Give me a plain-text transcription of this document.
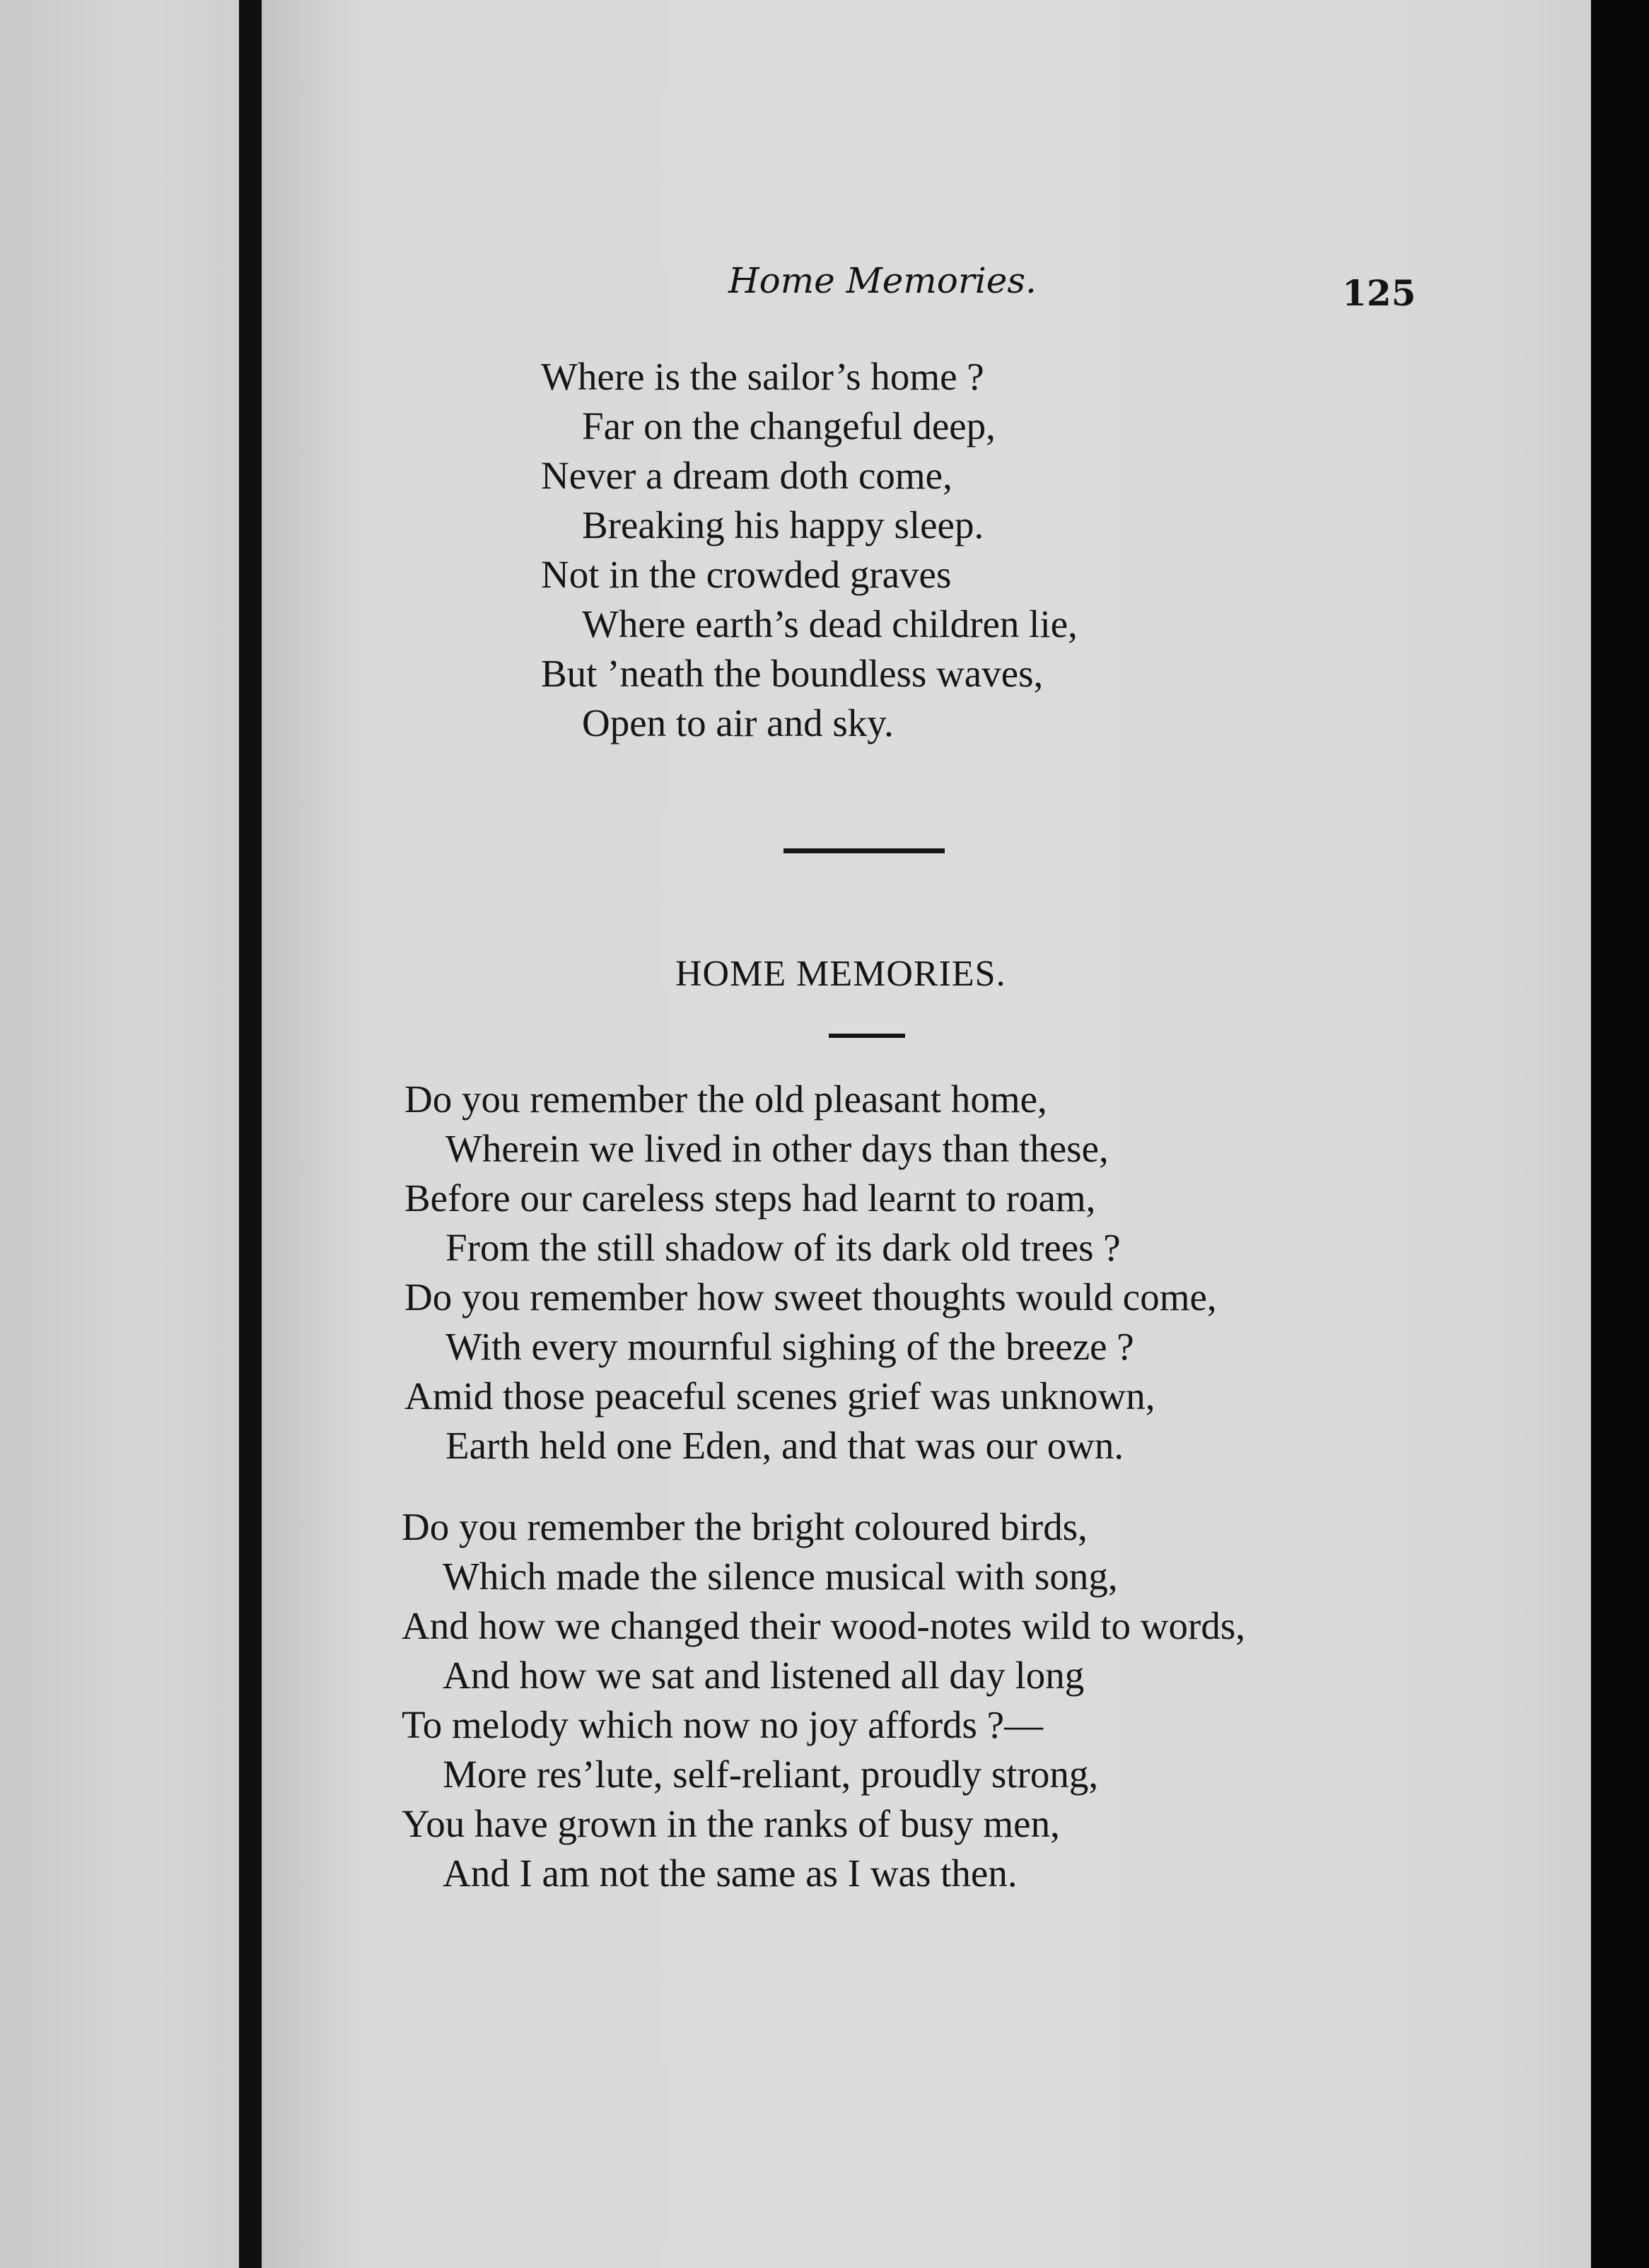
Home Memories.	125
Where is the sailor’s home ?
Far on the changeful deep,
Never a dream doth come,
Breaking his happy sleep.
Not in the crowded graves
Where earth’s dead children lie,
But ’neath the boundless waves,
Open to air and sky.
HOME MEMORIES.
Do you remember the old pleasant home,
Wherein we lived in other days than these,
Before our careless steps had learnt to roam,
From the still shadow of its dark old trees ?
Do you remember how sweet thoughts would come,
With every mournful sighing of the breeze ?
Amid those peaceful scenes grief was unknown,
Earth held one Eden, and that was our own.
Do you remember the bright coloured birds,
Which made the silence musical with song,
And how we changed their wood-notes wild to words,
And how we sat and listened all day long
To melody which now no joy affords ?—
More res’lute, self-reliant, proudly strong,
You have grown in the ranks of busy men,
And I am not the same as I was then.
